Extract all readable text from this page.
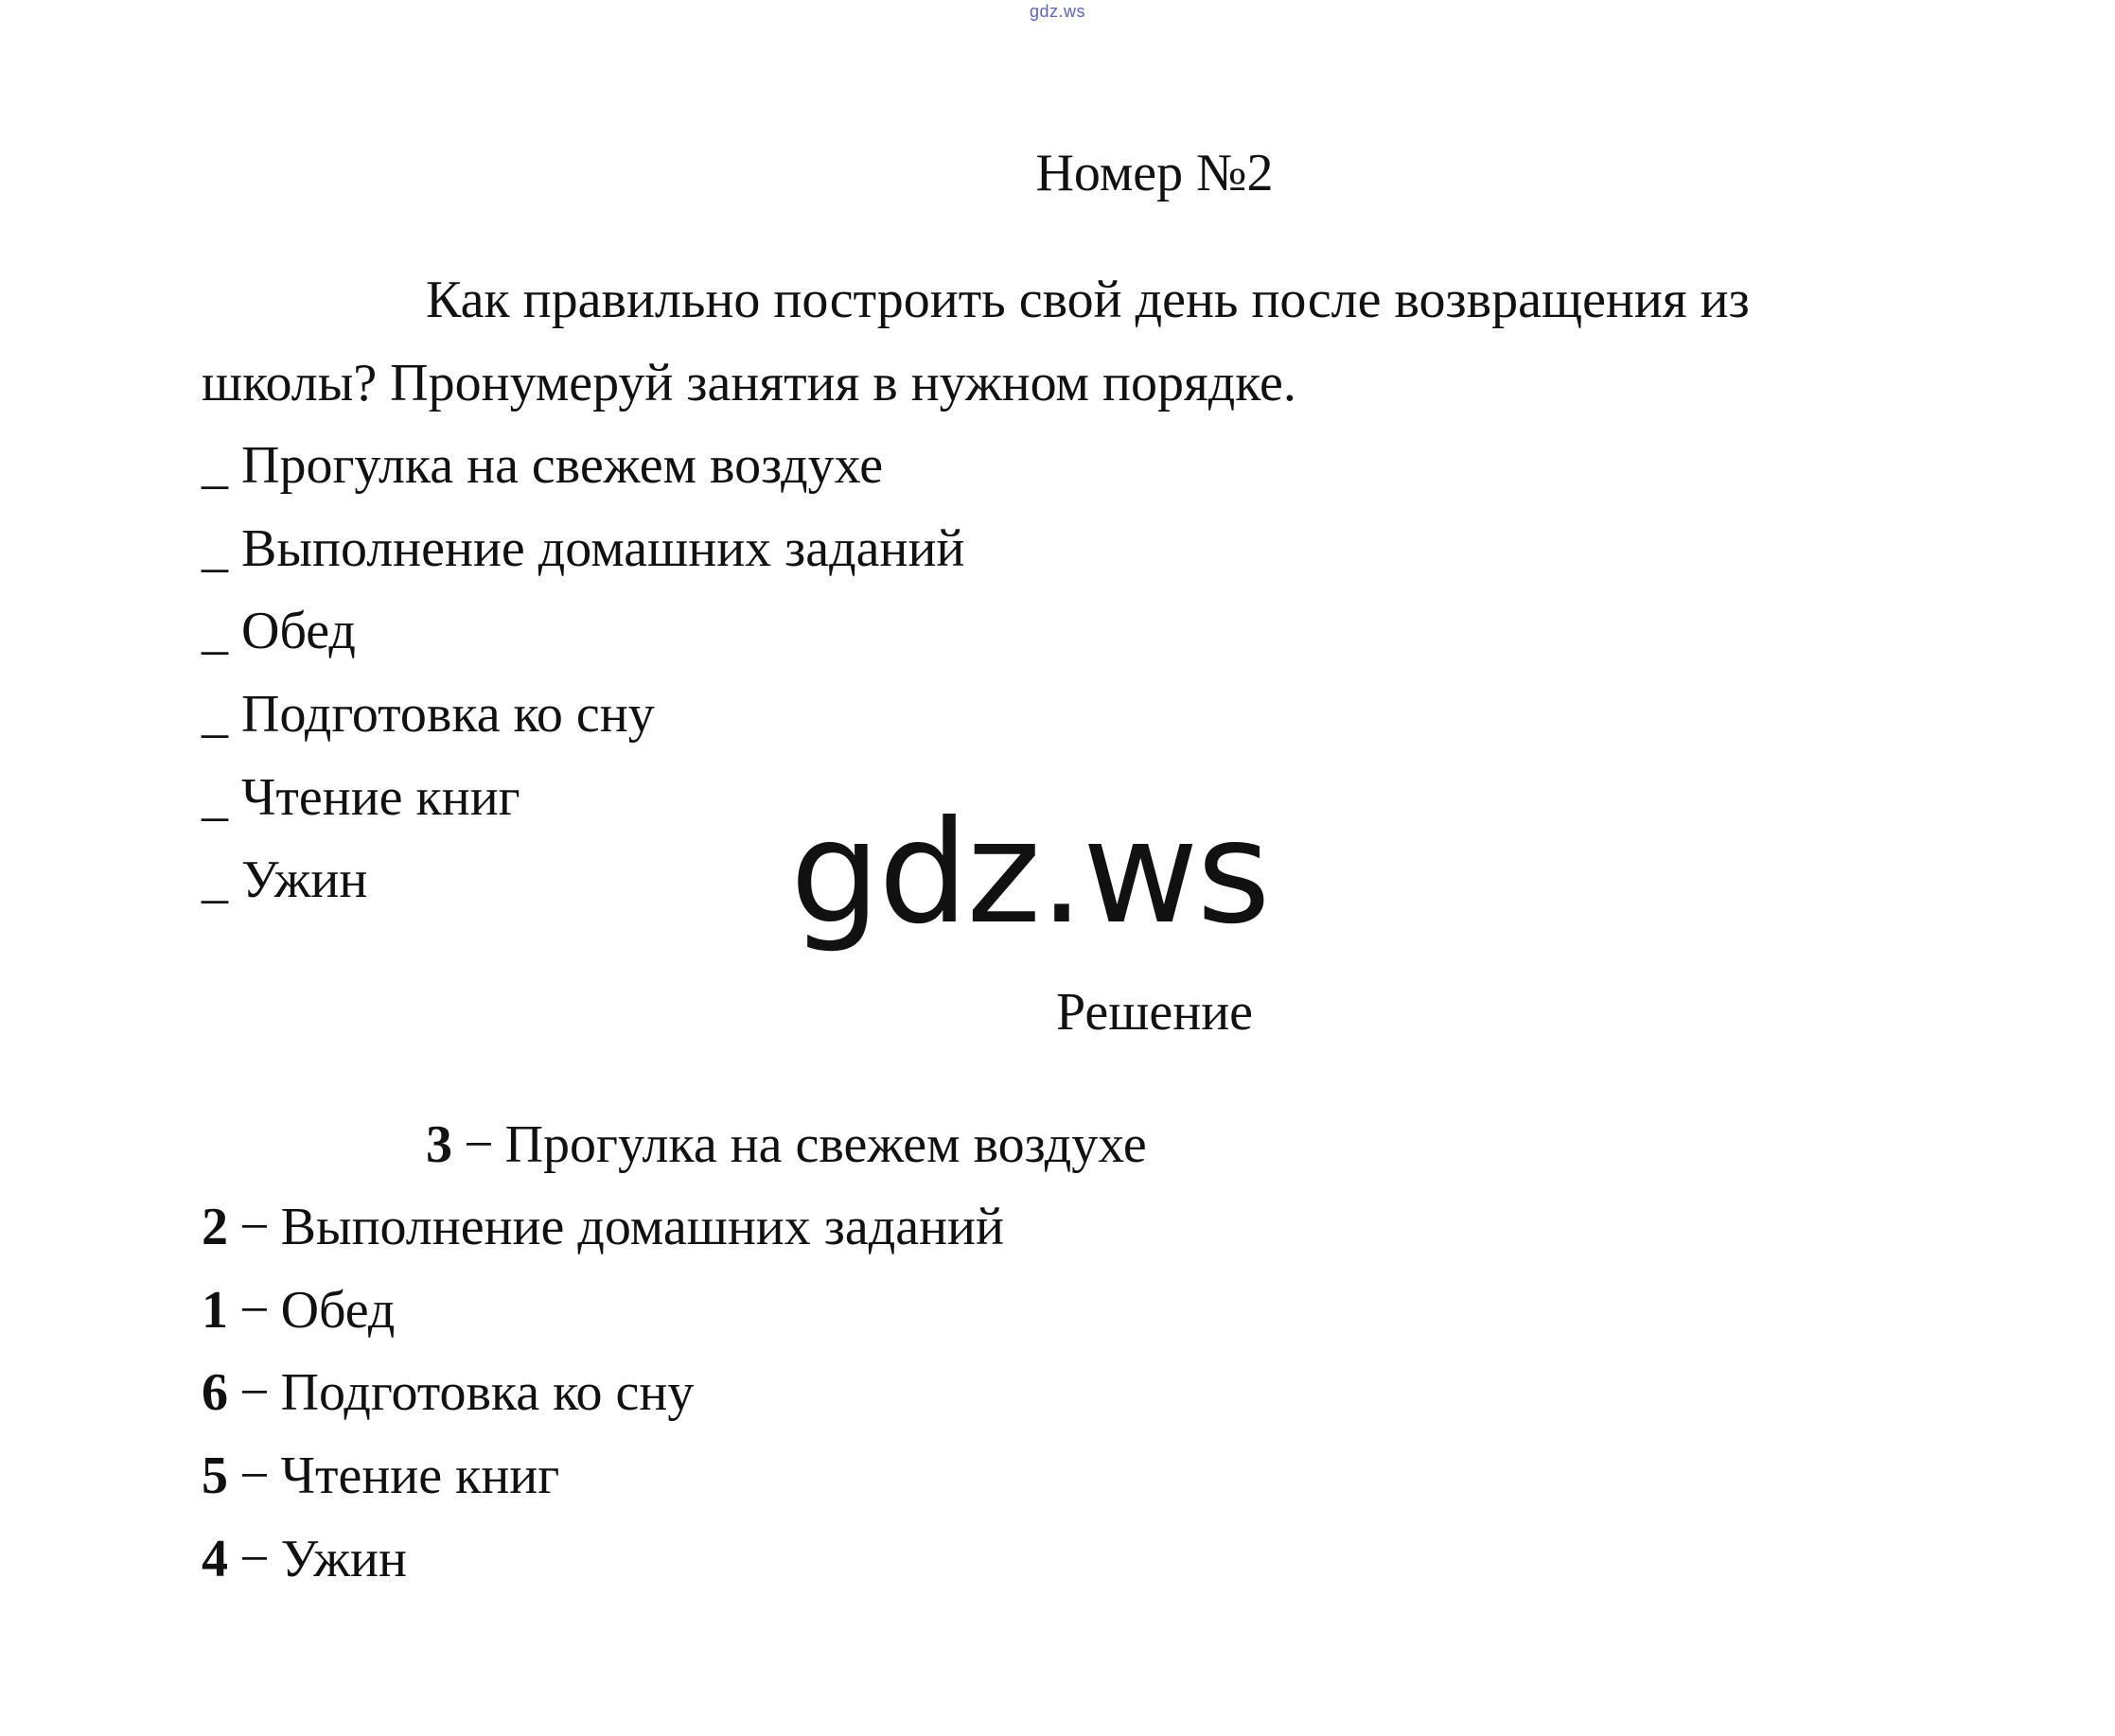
gdz.ws
Номер №2
Как правильно построить свой день после возвращения из
школы? Пронумеруй занятия в нужном порядке.
_ Прогулка на свежем воздухе
_ Выполнение домашних заданий
_ Обед
_ Подготовка ко сну
_ Чтение книг
_ Ужин	gdz.ws
Решение
3 − Прогулка на свежем воздухе
2 − Выполнение домашних заданий
1 − Обед
6 − Подготовка ко сну
5 − Чтение книг
4 − Ужин
